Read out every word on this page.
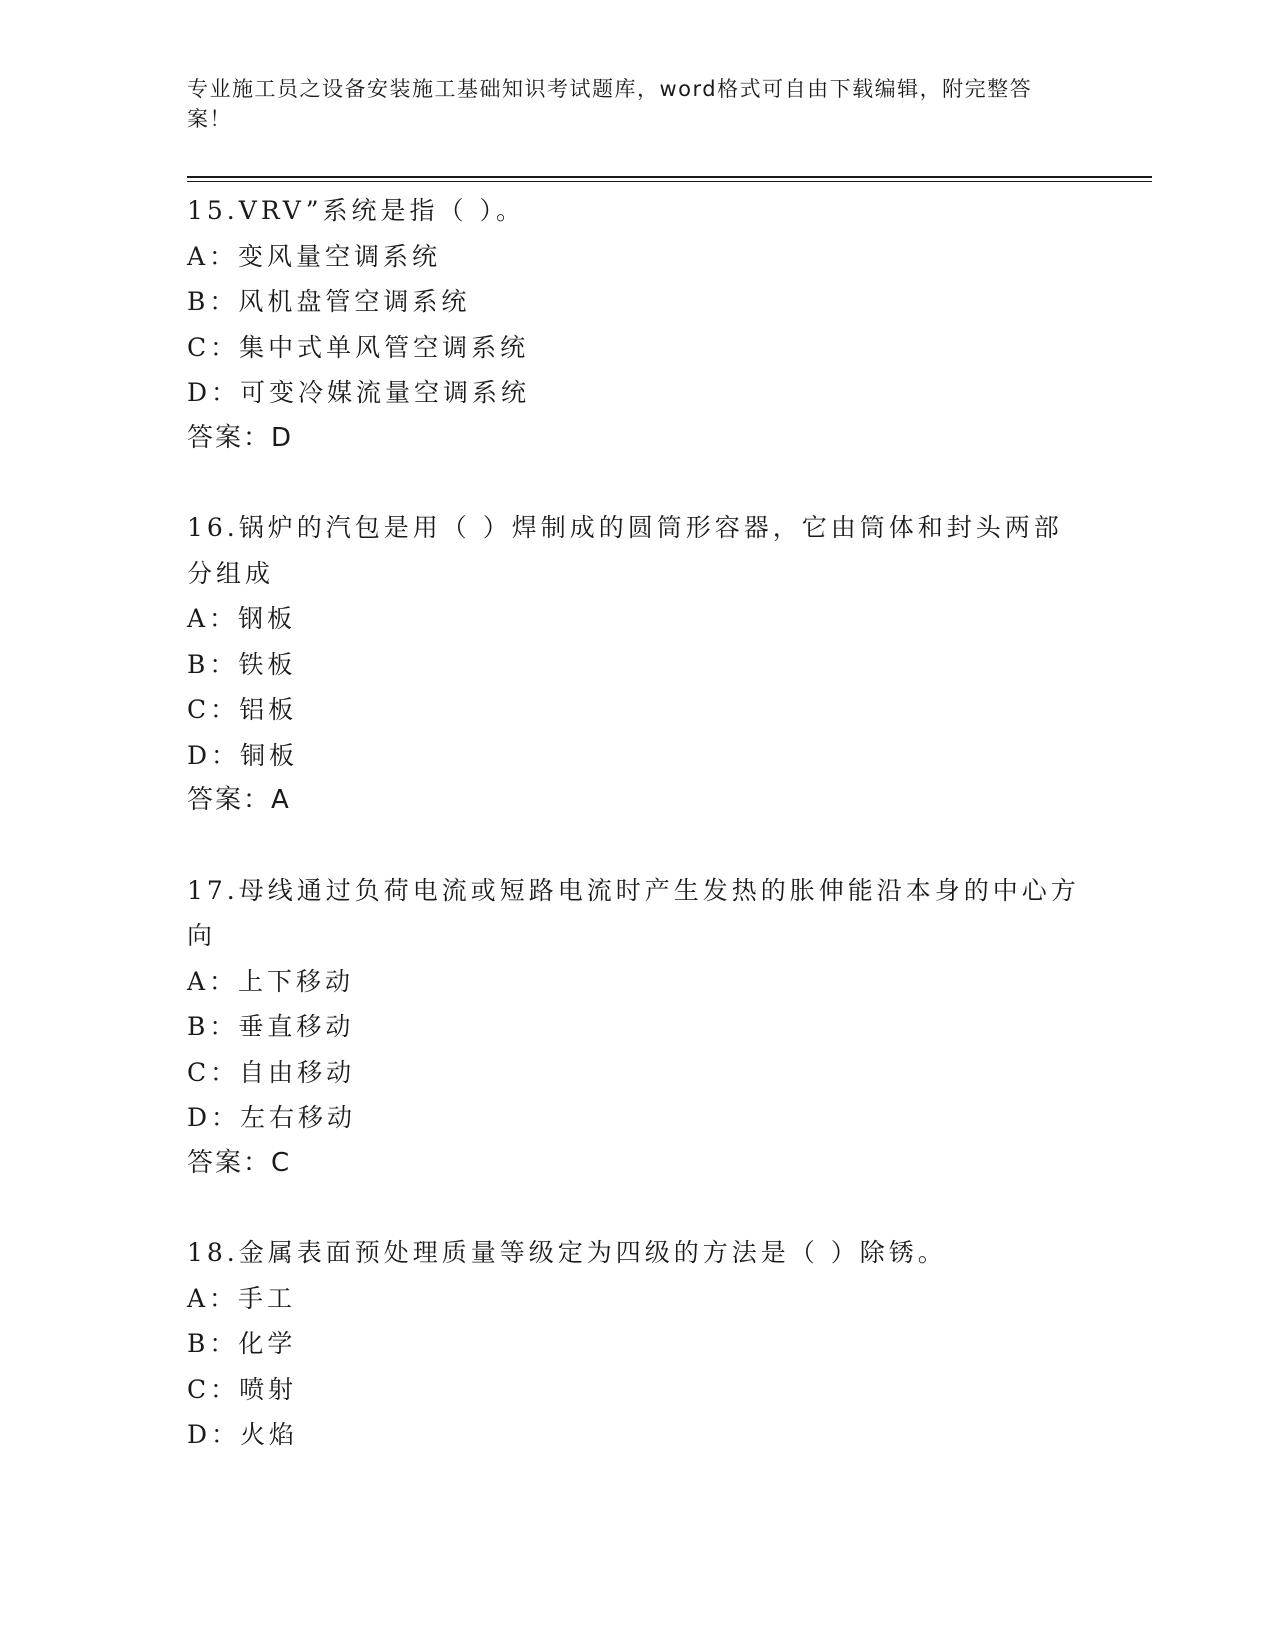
专业施工员之设备安装施工基础知识考试题库，word格式可自由下载编辑，附完整答案！
15.VRV”系统是指（ ）。
A：变风量空调系统
B：风机盘管空调系统
C：集中式单风管空调系统
D：可变冷媒流量空调系统
答案：D
16.锅炉的汽包是用（ ）焊制成的圆筒形容器，它由筒体和封头两部分组成
A：钢板
B：铁板
C：铝板
D：铜板
答案：A
17.母线通过负荷电流或短路电流时产生发热的胀伸能沿本身的中心方向
A：上下移动
B：垂直移动
C：自由移动
D：左右移动
答案：C
18.金属表面预处理质量等级定为四级的方法是（ ）除锈。
A：手工
B：化学
C：喷射
D：火焰
